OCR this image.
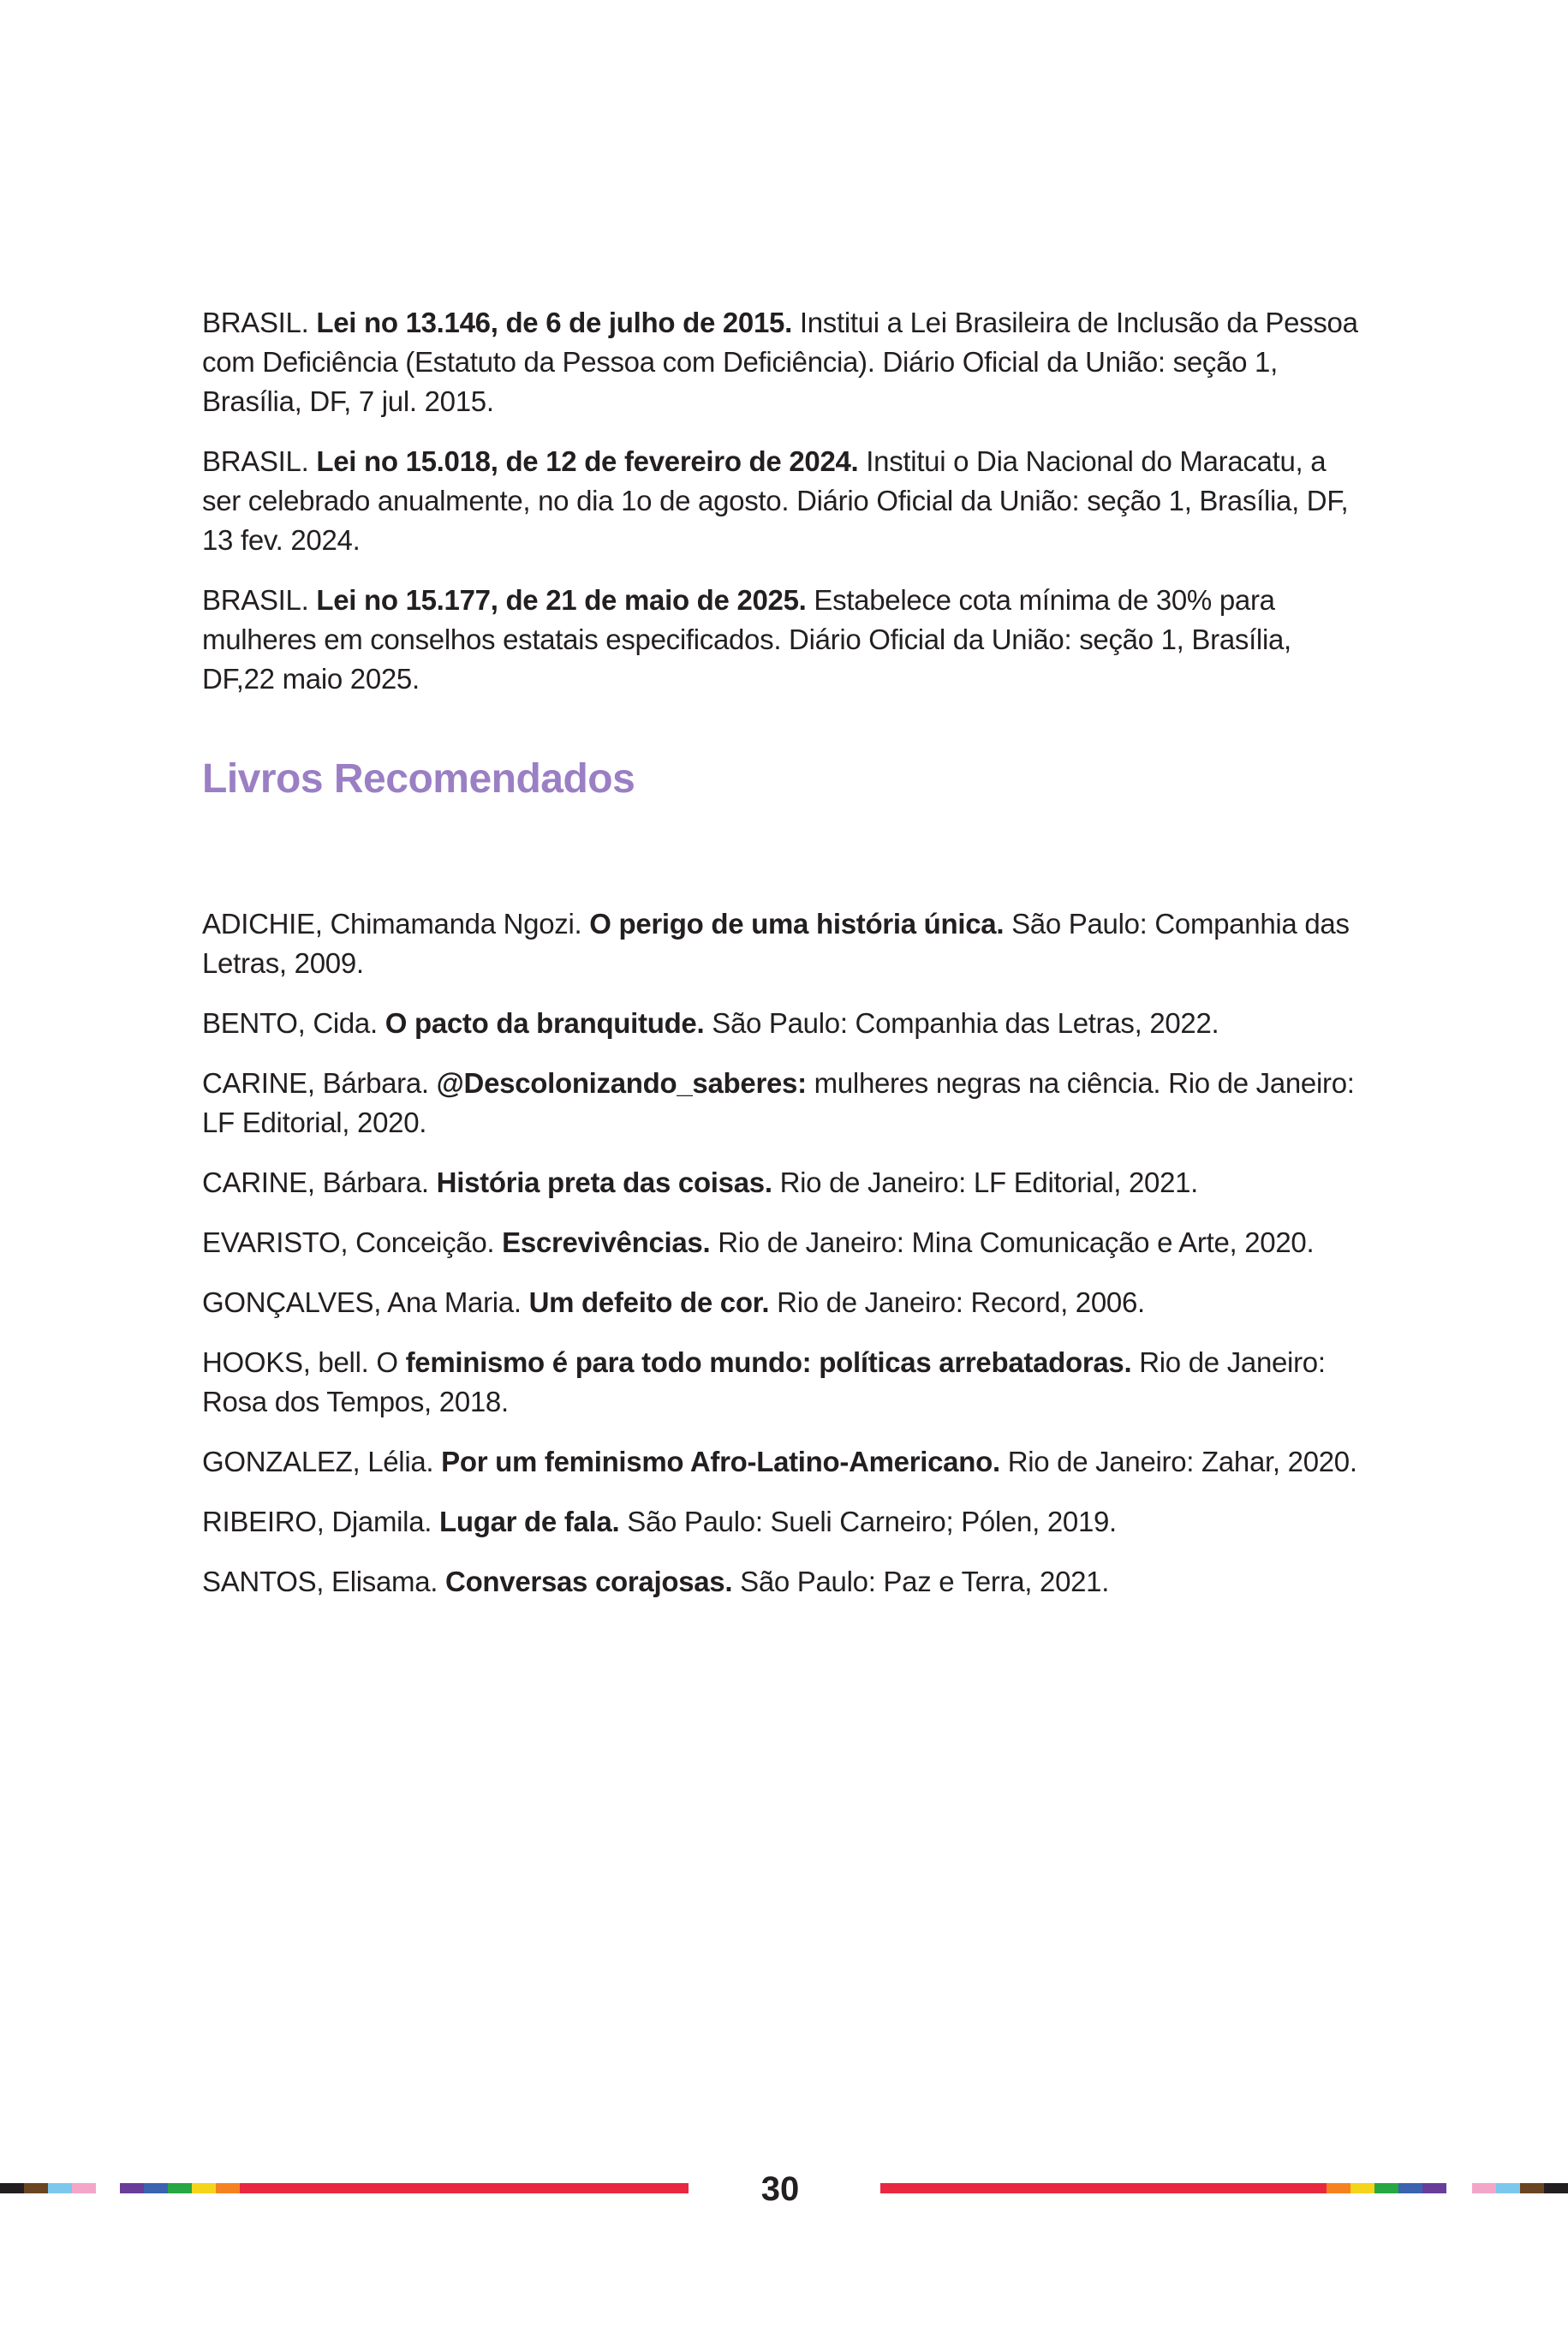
BRASIL. Lei no 13.146, de 6 de julho de 2015. Institui a Lei Brasileira de Inclusão da Pessoa com Deficiência (Estatuto da Pessoa com Deficiência). Diário Oficial da União: seção 1, Brasília, DF, 7 jul. 2015.

BRASIL. Lei no 15.018, de 12 de fevereiro de 2024. Institui o Dia Nacional do Maracatu, a ser celebrado anualmente, no dia 1o de agosto. Diário Oficial da União: seção 1, Brasília, DF, 13 fev. 2024.

BRASIL. Lei no 15.177, de 21 de maio de 2025. Estabelece cota mínima de 30% para mulheres em conselhos estatais especificados. Diário Oficial da União: seção 1, Brasília, DF,22 maio 2025.

Livros Recomendados

ADICHIE, Chimamanda Ngozi. O perigo de uma história única. São Paulo: Companhia das Letras, 2009.

BENTO, Cida. O pacto da branquitude. São Paulo: Companhia das Letras, 2022.

CARINE, Bárbara. @Descolonizando_saberes: mulheres negras na ciência. Rio de Janeiro: LF Editorial, 2020.

CARINE, Bárbara. História preta das coisas. Rio de Janeiro: LF Editorial, 2021.

EVARISTO, Conceição. Escrevivências. Rio de Janeiro: Mina Comunicação e Arte, 2020.

GONÇALVES, Ana Maria. Um defeito de cor. Rio de Janeiro: Record, 2006.

HOOKS, bell. O feminismo é para todo mundo: políticas arrebatadoras. Rio de Janeiro: Rosa dos Tempos, 2018.

GONZALEZ, Lélia. Por um feminismo Afro-Latino-Americano. Rio de Janeiro: Zahar, 2020.

RIBEIRO, Djamila. Lugar de fala. São Paulo: Sueli Carneiro; Pólen, 2019.

SANTOS, Elisama. Conversas corajosas. São Paulo: Paz e Terra, 2021.

30
